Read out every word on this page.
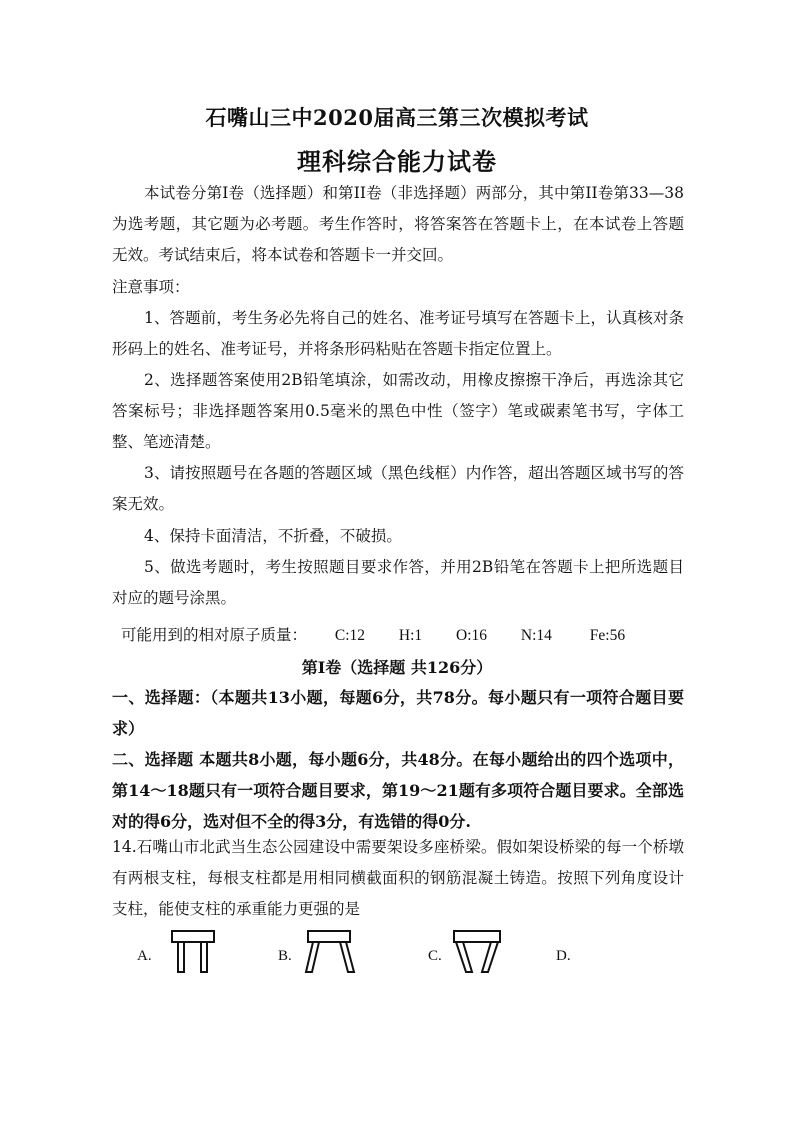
石嘴山三中2020届高三第三次模拟考试
理科综合能力试卷
本试卷分第I卷（选择题）和第II卷（非选择题）两部分，其中第II卷第33—38为选考题，其它题为必考题。考生作答时，将答案答在答题卡上，在本试卷上答题无效。考试结束后，将本试卷和答题卡一并交回。
注意事项：
1、答题前，考生务必先将自己的姓名、准考证号填写在答题卡上，认真核对条形码上的姓名、准考证号，并将条形码粘贴在答题卡指定位置上。
2、选择题答案使用2B铅笔填涂，如需改动，用橡皮擦擦干净后，再选涂其它答案标号；非选择题答案用0.5毫米的黑色中性（签字）笔或碳素笔书写，字体工整、笔迹清楚。
3、请按照题号在各题的答题区域（黑色线框）内作答，超出答题区域书写的答案无效。
4、保持卡面清洁，不折叠，不破损。
5、做选考题时，考生按照题目要求作答，并用2B铅笔在答题卡上把所选题目对应的题号涂黑。
可能用到的相对原子质量： C:12 H:1 O:16 N:14 Fe:56
第I卷（选择题 共126分）
一、选择题：（本题共13小题，每题6分，共78分。每小题只有一项符合题目要求）
二、选择题 本题共8小题，每小题6分，共48分。在每小题给出的四个选项中，第14～18题只有一项符合题目要求，第19～21题有多项符合题目要求。全部选对的得6分，选对但不全的得3分，有选错的得0分.
14.石嘴山市北武当生态公园建设中需要架设多座桥梁。假如架设桥梁的每一个桥墩有两根支柱，每根支柱都是用相同横截面积的钢筋混凝土铸造。按照下列角度设计支柱，能使支柱的承重能力更强的是
A.	B.	C.	D.
